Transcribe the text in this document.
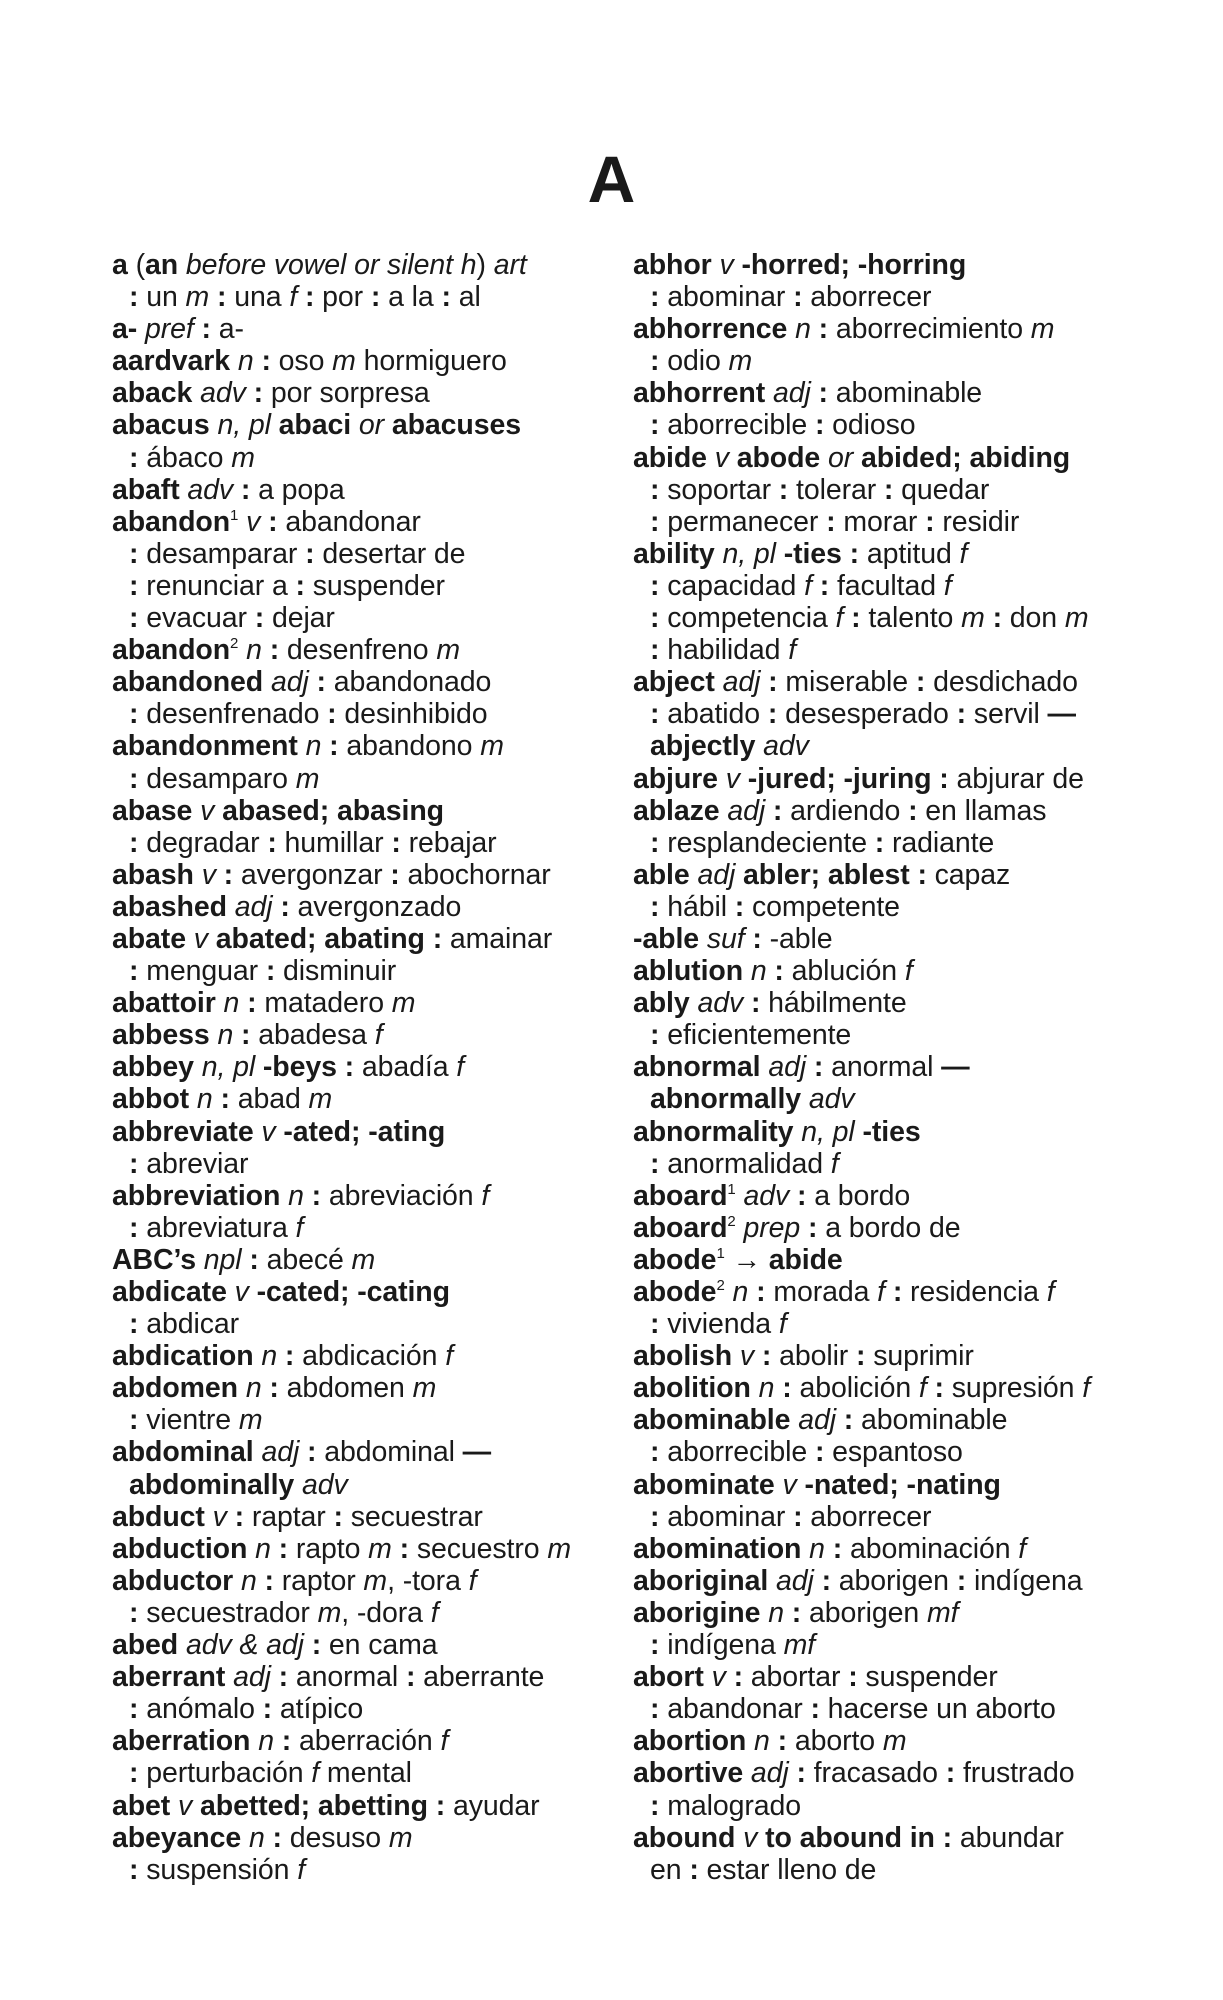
A
a (an before vowel or silent h) art
: un m : una f : por : a la : al
a- pref : a-
aardvark n : oso m hormiguero
aback adv : por sorpresa
abacus n, pl abaci or abacuses
: ábaco m
abaft adv : a popa
abandon$^1$ v : abandonar
: desamparar : desertar de
: renunciar a : suspender
: evacuar : dejar
abandon$^2$ n : desenfreno m
abandoned adj : abandonado
: desenfrenado : desinhibido
abandonment n : abandono m
: desamparo m
abase v abased; abasing
: degradar : humillar : rebajar
abash v : avergonzar : abochornar
abashed adj : avergonzado
abate v abated; abating : amainar
: menguar : disminuir
abattoir n : matadero m
abbess n : abadesa f
abbey n, pl -beys : abadía f
abbot n : abad m
abbreviate v -ated; -ating
: abreviar
abbreviation n : abreviación f
: abreviatura f
ABC’s npl : abecé m
abdicate v -cated; -cating
: abdicar
abdication n : abdicación f
abdomen n : abdomen m
: vientre m
abdominal adj : abdominal —
abdominally adv
abduct v : raptar : secuestrar
abduction n : rapto m : secuestro m
abductor n : raptor m, -tora f
: secuestrador m, -dora f
abed adv & adj : en cama
aberrant adj : anormal : aberrante
: anómalo : atípico
aberration n : aberración f
: perturbación f mental
abet v abetted; abetting : ayudar
abeyance n : desuso m
: suspensión f
abhor v -horred; -horring
: abominar : aborrecer
abhorrence n : aborrecimiento m
: odio m
abhorrent adj : abominable
: aborrecible : odioso
abide v abode or abided; abiding
: soportar : tolerar : quedar
: permanecer : morar : residir
ability n, pl -ties : aptitud f
: capacidad f : facultad f
: competencia f : talento m : don m
: habilidad f
abject adj : miserable : desdichado
: abatido : desesperado : servil —
abjectly adv
abjure v -jured; -juring : abjurar de
ablaze adj : ardiendo : en llamas
: resplandeciente : radiante
able adj abler; ablest : capaz
: hábil : competente
-able suf : -able
ablution n : ablución f
ably adv : hábilmente
: eficientemente
abnormal adj : anormal —
abnormally adv
abnormality n, pl -ties
: anormalidad f
aboard$^1$ adv : a bordo
aboard$^2$ prep : a bordo de
abode$^1$ → abide
abode$^2$ n : morada f : residencia f
: vivienda f
abolish v : abolir : suprimir
abolition n : abolición f : supresión f
abominable adj : abominable
: aborrecible : espantoso
abominate v -nated; -nating
: abominar : aborrecer
abomination n : abominación f
aboriginal adj : aborigen : indígena
aborigine n : aborigen mf
: indígena mf
abort v : abortar : suspender
: abandonar : hacerse un aborto
abortion n : aborto m
abortive adj : fracasado : frustrado
: malogrado
abound v to abound in : abundar
en : estar lleno de
